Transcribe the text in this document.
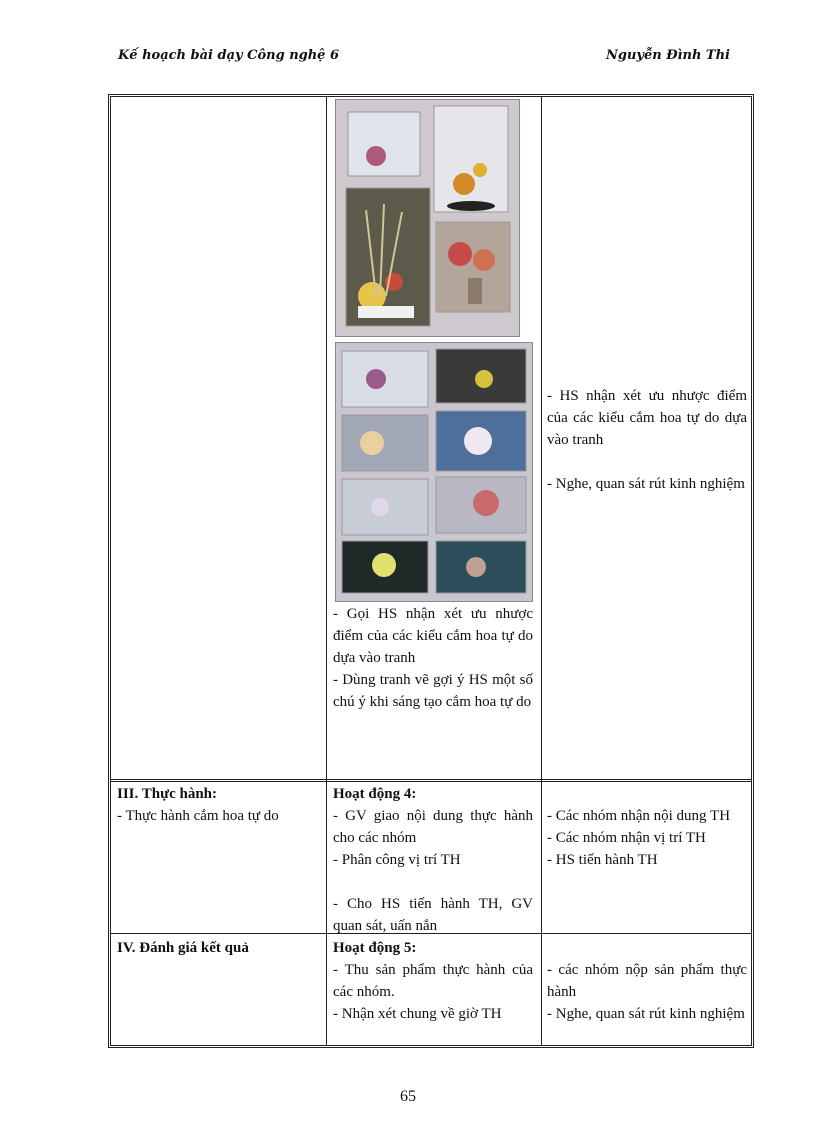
Kế hoạch bài dạy Công nghệ 6	Nguyễn Đình Thi

- Gọi HS nhận xét ưu nhược điểm của các kiểu cắm hoa tự do dựa vào tranh

- Dùng tranh vẽ gợi ý HS một số chú ý khi sáng tạo cắm hoa tự do

- HS nhận xét ưu nhược điểm của các kiểu cắm hoa tự do dựa vào tranh

- Nghe, quan sát rút kinh nghiệm

III. Thực hành:

- Thực hành cắm hoa tự do

Hoạt động 4:

- GV giao nội dung thực hành cho các nhóm

- Phân công vị trí TH

- Cho HS tiến hành TH, GV quan sát, uấn nắn

- Các nhóm nhận nội dung TH

- Các nhóm nhận vị trí TH

- HS tiến hành TH

IV. Đánh giá kết quả	Hoạt động 5:

- Thu sản phẩm thực hành của các nhóm.

- Nhận xét chung về giờ TH

- các nhóm nộp sản phẩm thực hành

- Nghe, quan sát rút kinh nghiệm

65
